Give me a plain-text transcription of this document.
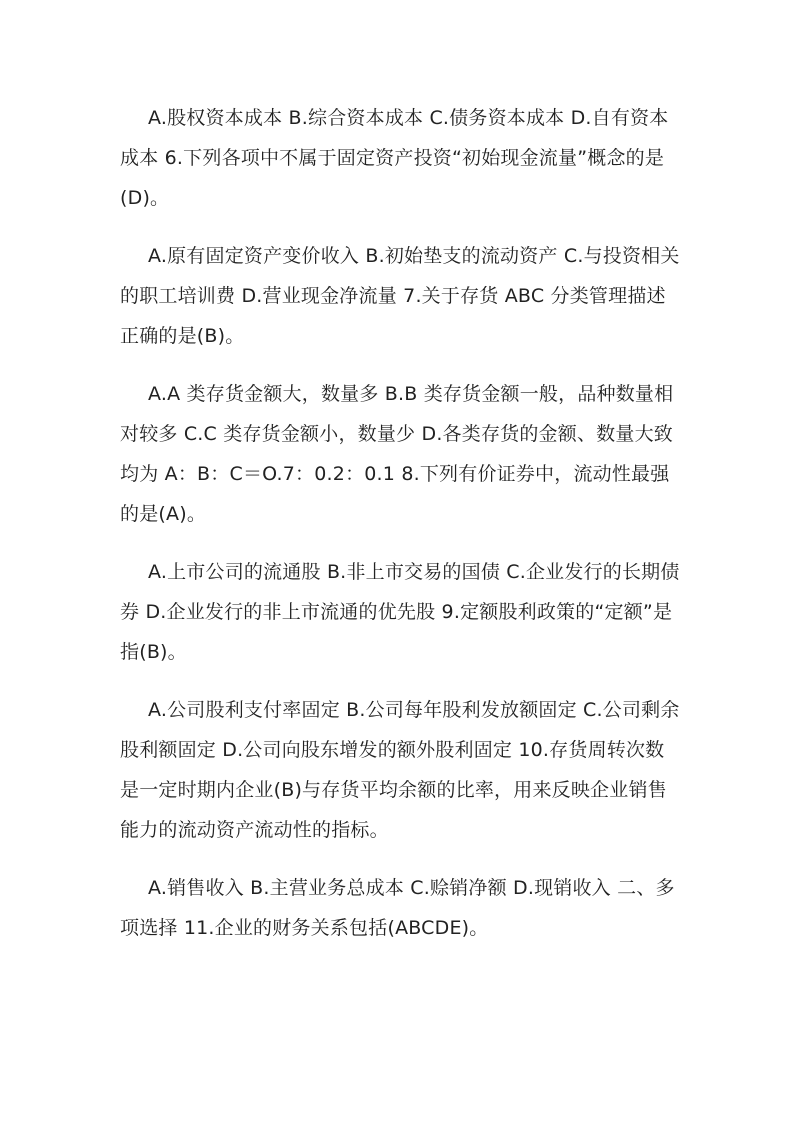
A.股权资本成本 B.综合资本成本 C.债务资本成本 D.自有资本成本 6.下列各项中不属于固定资产投资“初始现金流量”概念的是(D)。

A.原有固定资产变价收入 B.初始垫支的流动资产 C.与投资相关的职工培训费 D.营业现金净流量 7.关于存货 ABC 分类管理描述正确的是(B)。

A.A 类存货金额大，数量多 B.B 类存货金额一般，品种数量相对较多 C.C 类存货金额小，数量少 D.各类存货的金额、数量大致均为 A：B：C＝O.7：0.2：0.1 8.下列有价证券中，流动性最强的是(A)。

A.上市公司的流通股 B.非上市交易的国债 C.企业发行的长期债券 D.企业发行的非上市流通的优先股 9.定额股利政策的“定额”是指(B)。

A.公司股利支付率固定 B.公司每年股利发放额固定 C.公司剩余股利额固定 D.公司向股东增发的额外股利固定 10.存货周转次数是一定时期内企业(B)与存货平均余额的比率，用来反映企业销售能力的流动资产流动性的指标。

A.销售收入 B.主营业务总成本 C.赊销净额 D.现销收入 二、多项选择 11.企业的财务关系包括(ABCDE)。
